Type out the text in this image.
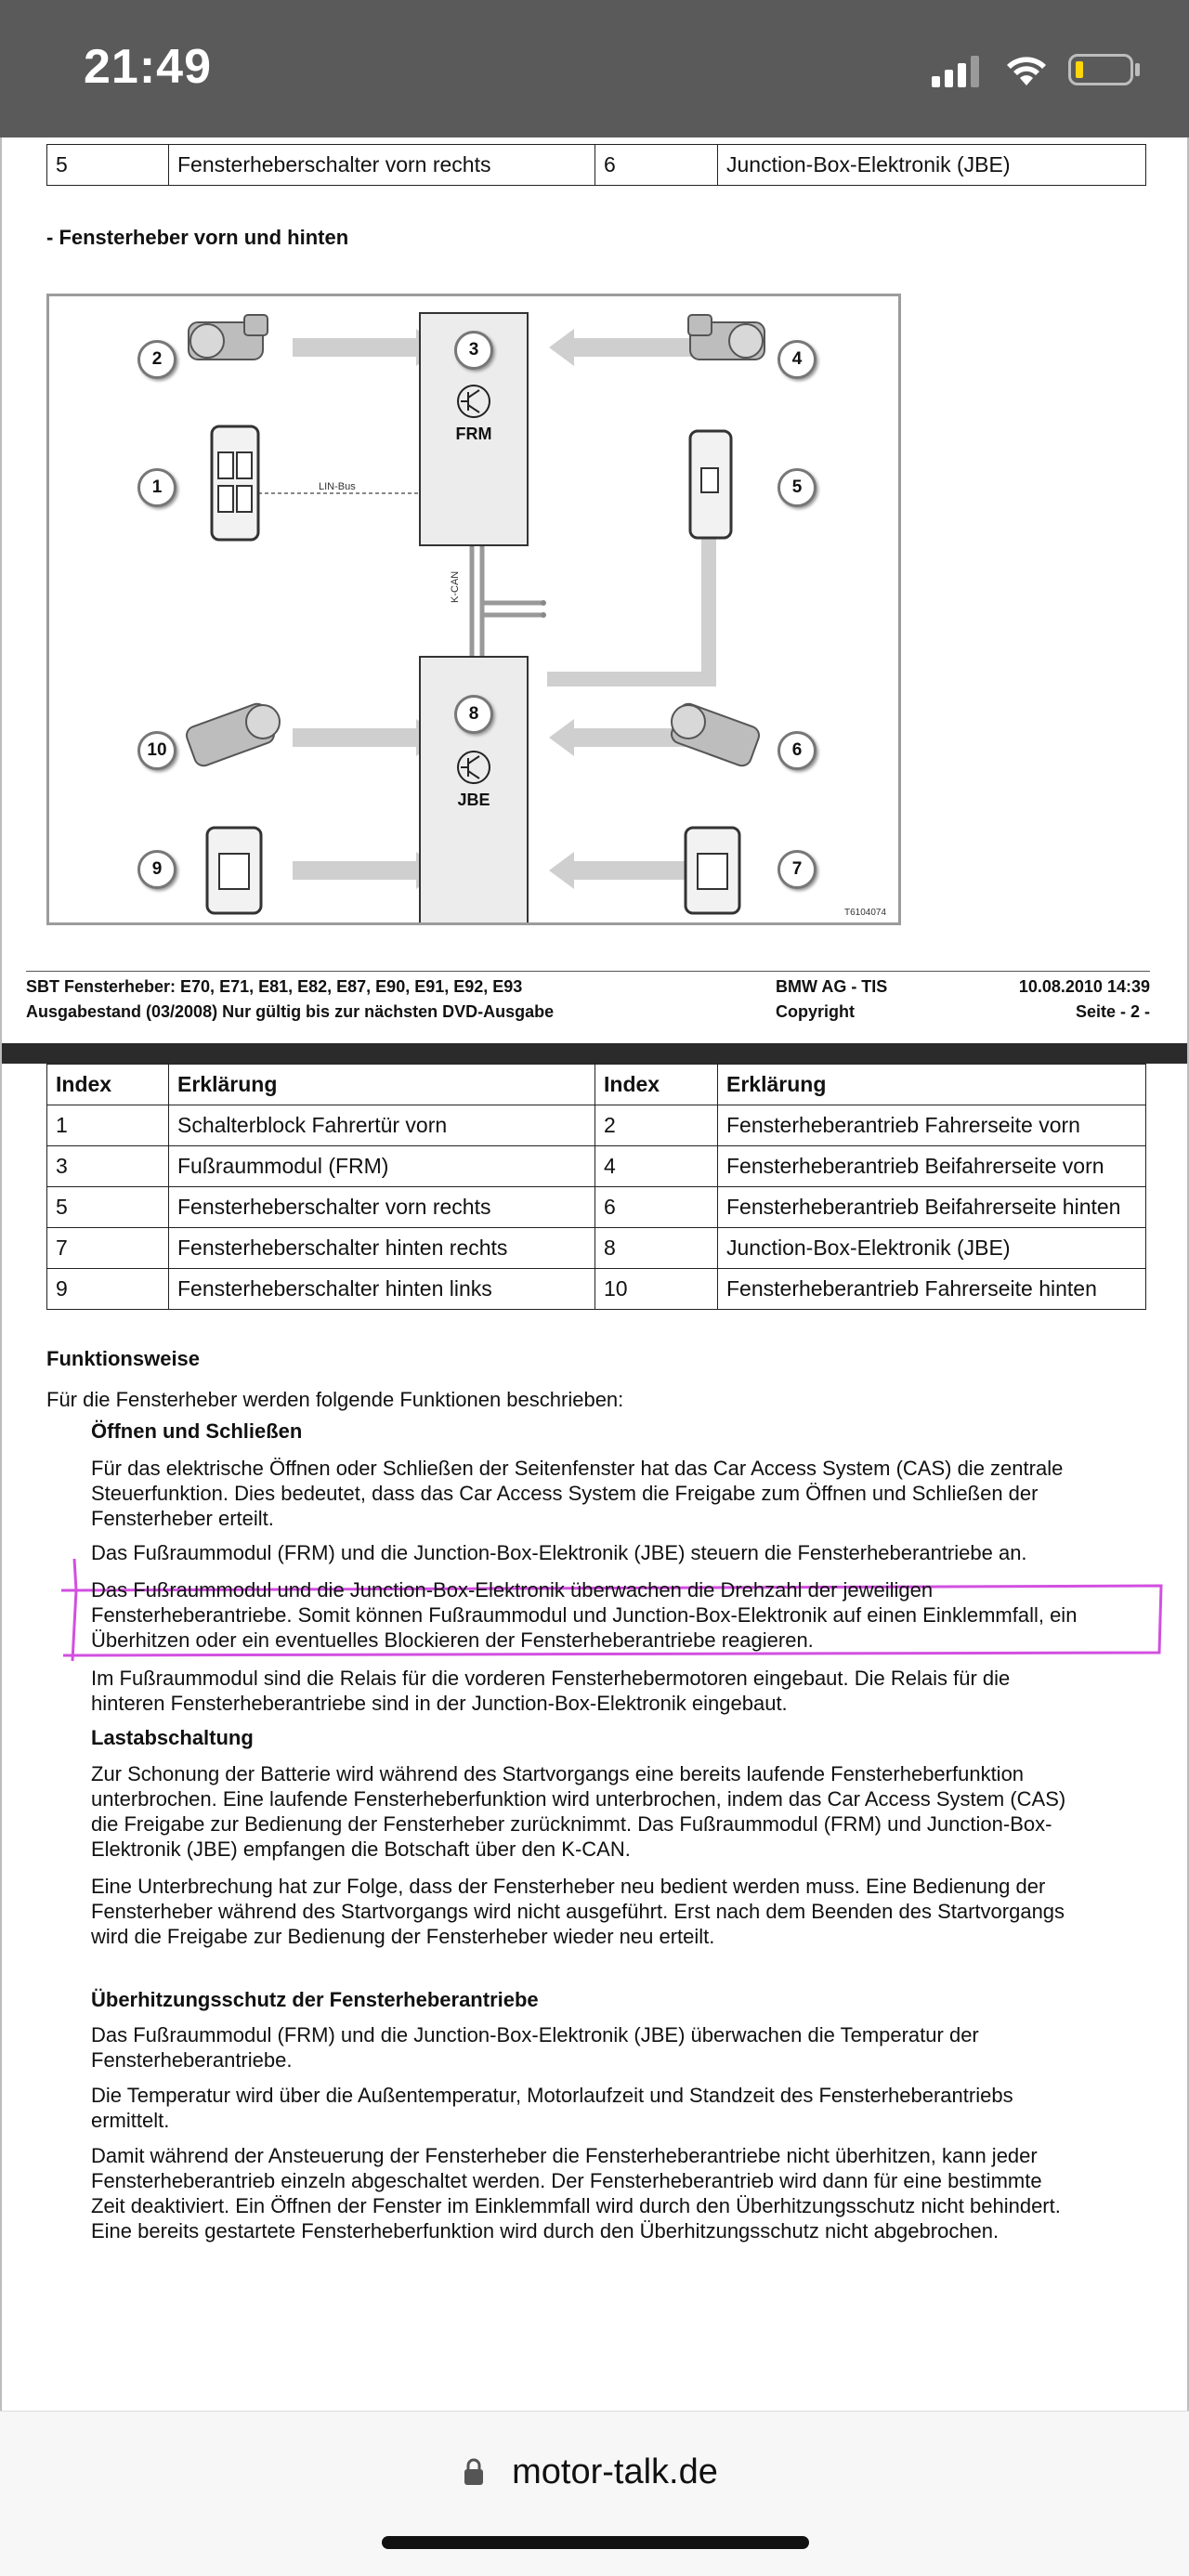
21:49
5	Fensterheberschalter vorn rechts	6	Junction-Box-Elektronik (JBE)
- Fensterheber vorn und hinten
LIN-Bus
K-CAN
T6104074
3
FRM
8
JBE
1
2	4
5
6
7
9
10
SBT Fensterheber: E70, E71, E81, E82, E87, E90, E91, E92, E93
Ausgabestand (03/2008) Nur gültig bis zur nächsten DVD-Ausgabe
BMW AG - TIS
Copyright
10.08.2010 14:39
Seite - 2 -
Index	Erklärung	Index	Erklärung
1	Schalterblock Fahrertür vorn	2	Fensterheberantrieb Fahrerseite vorn
3	Fußraummodul (FRM)	4	Fensterheberantrieb Beifahrerseite vorn
5	Fensterheberschalter vorn rechts	6	Fensterheberantrieb Beifahrerseite hinten
7	Fensterheberschalter hinten rechts	8	Junction-Box-Elektronik (JBE)
9	Fensterheberschalter hinten links	10	Fensterheberantrieb Fahrerseite hinten
Funktionsweise
Für die Fensterheber werden folgende Funktionen beschrieben:
Öffnen und Schließen
Für das elektrische Öffnen oder Schließen der Seitenfenster hat das Car Access System (CAS) die zentrale
Steuerfunktion. Dies bedeutet, dass das Car Access System die Freigabe zum Öffnen und Schließen der
Fensterheber erteilt.
Das Fußraummodul (FRM) und die Junction-Box-Elektronik (JBE) steuern die Fensterheberantriebe an.
Das Fußraummodul und die Junction-Box-Elektronik überwachen die Drehzahl der jeweiligen
Fensterheberantriebe. Somit können Fußraummodul und Junction-Box-Elektronik auf einen Einklemmfall, ein
Überhitzen oder ein eventuelles Blockieren der Fensterheberantriebe reagieren.
Im Fußraummodul sind die Relais für die vorderen Fensterhebermotoren eingebaut. Die Relais für die
hinteren Fensterheberantriebe sind in der Junction-Box-Elektronik eingebaut.
Lastabschaltung
Zur Schonung der Batterie wird während des Startvorgangs eine bereits laufende Fensterheberfunktion
unterbrochen. Eine laufende Fensterheberfunktion wird unterbrochen, indem das Car Access System (CAS)
die Freigabe zur Bedienung der Fensterheber zurücknimmt. Das Fußraummodul (FRM) und Junction-Box-
Elektronik (JBE) empfangen die Botschaft über den K-CAN.
Eine Unterbrechung hat zur Folge, dass der Fensterheber neu bedient werden muss. Eine Bedienung der
Fensterheber während des Startvorgangs wird nicht ausgeführt. Erst nach dem Beenden des Startvorgangs
wird die Freigabe zur Bedienung der Fensterheber wieder neu erteilt.
Überhitzungsschutz der Fensterheberantriebe
Das Fußraummodul (FRM) und die Junction-Box-Elektronik (JBE) überwachen die Temperatur der
Fensterheberantriebe.
Die Temperatur wird über die Außentemperatur, Motorlaufzeit und Standzeit des Fensterheberantriebs
ermittelt.
Damit während der Ansteuerung der Fensterheber die Fensterheberantriebe nicht überhitzen, kann jeder
Fensterheberantrieb einzeln abgeschaltet werden. Der Fensterheberantrieb wird dann für eine bestimmte
Zeit deaktiviert. Ein Öffnen der Fenster im Einklemmfall wird durch den Überhitzungsschutz nicht behindert.
Eine bereits gestartete Fensterheberfunktion wird durch den Überhitzungsschutz nicht abgebrochen.
motor-talk.de
